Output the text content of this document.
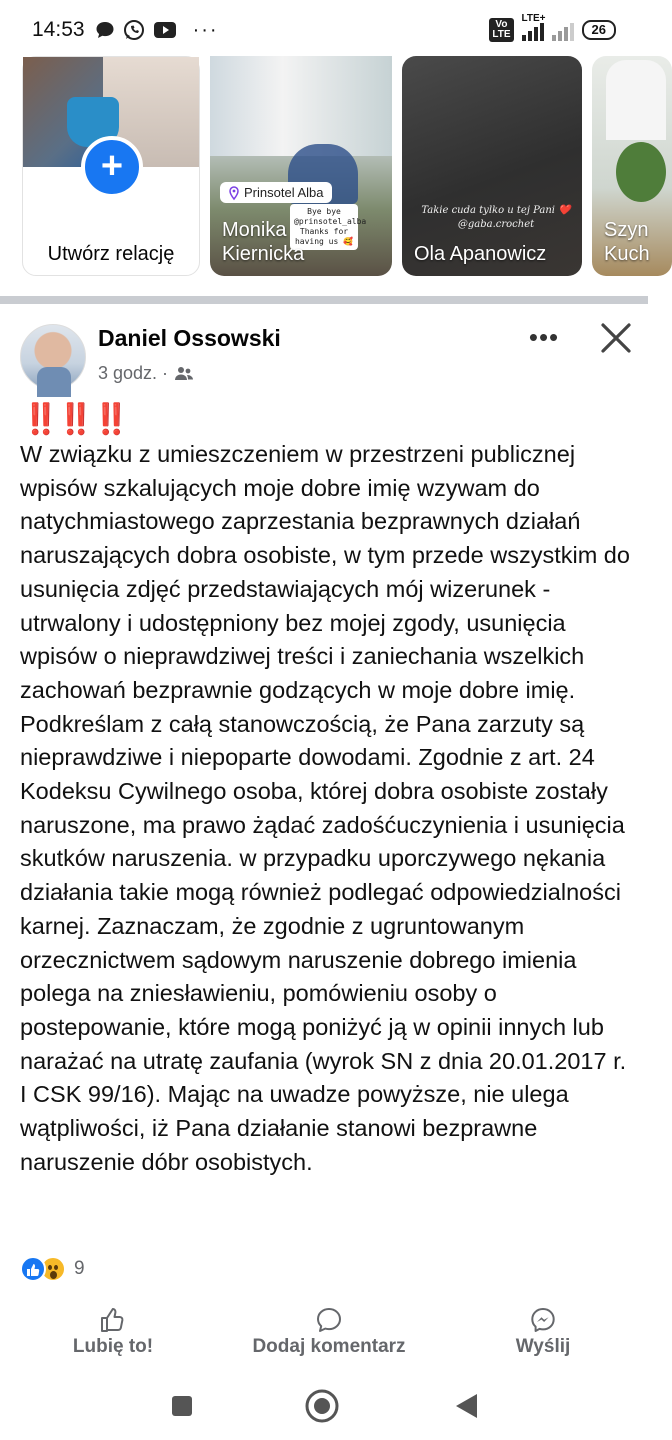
14:53	···	Vo
LTE
LTE+
26
+
Utwórz relację
Prinsotel Alba
Bye bye @prinsotel_alba Thanks for having us 🥰
Monika Kiernicka
Takie cuda tylko u tej Pani ❤️ @gaba.crochet
Ola Apanowicz
Szyn Kuch
Daniel Ossowski
3 godz. ·
•••
‼️‼️‼️
W związku z umieszczeniem w przestrzeni publicznej wpisów szkalujących moje dobre imię wzywam do natychmiastowego zaprzestania bezprawnych działań naruszających dobra osobiste, w tym przede wszystkim do usunięcia zdjęć przedstawiających mój wizerunek - utrwalony i udostępniony bez mojej zgody, usunięcia wpisów o nieprawdziwej treści i zaniechania wszelkich zachowań bezprawnie godzących w moje dobre imię. Podkreślam z całą stanowczością, że Pana zarzuty są nieprawdziwe i niepoparte dowodami. Zgodnie z art. 24 Kodeksu Cywilnego osoba, której dobra osobiste zostały naruszone, ma prawo żądać zadośćuczynienia i usunięcia skutków naruszenia. w przypadku uporczywego nękania działania takie mogą również podlegać odpowiedzialności karnej. Zaznaczam, że zgodnie z ugruntowanym orzecznictwem sądowym naruszenie dobrego imienia polega na zniesławieniu, pomówieniu osoby o postepowanie, które mogą poniżyć ją w opinii innych lub narażać na utratę zaufania (wyrok SN z dnia 20.01.2017 r. I CSK 99/16). Mając na uwadze powyższe, nie ulega wątpliwości, iż Pana działanie stanowi bezprawne naruszenie dóbr osobistych.
9
Lubię to!	Dodaj komentarz	Wyślij
